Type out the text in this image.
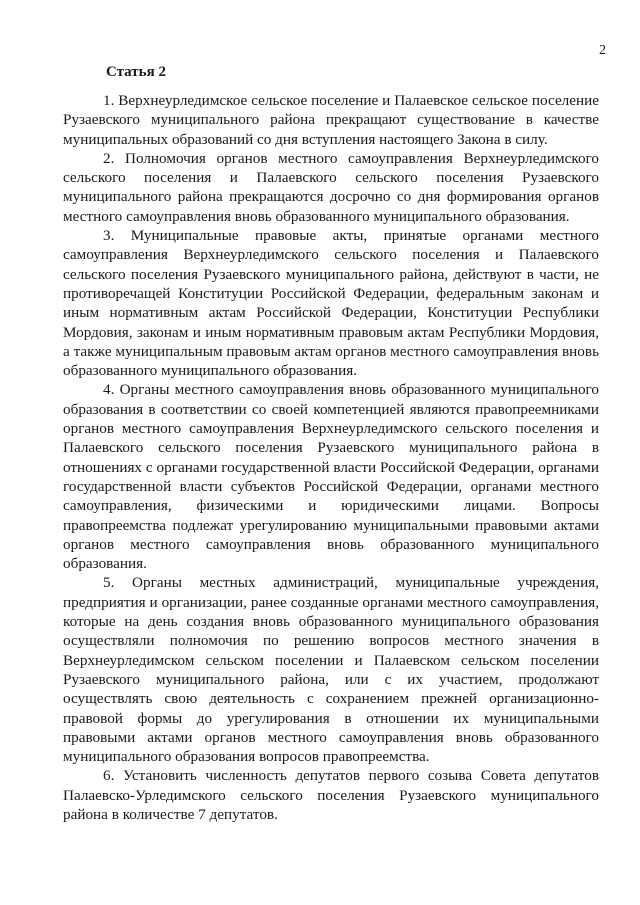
2
Статья 2

1. Верхнеурледимское сельское поселение и Палаевское сельское поселение Рузаевского муниципального района прекращают существование в качестве муниципальных образований со дня вступления настоящего Закона в силу.

2. Полномочия органов местного самоуправления Верхнеурледимского сельского поселения и Палаевского сельского поселения Рузаевского муниципального района прекращаются досрочно со дня формирования органов местного самоуправления вновь образованного муниципального образования.

3. Муниципальные правовые акты, принятые органами местного самоуправления Верхнеурледимского сельского поселения и Палаевского сельского поселения Рузаевского муниципального района, действуют в части, не противоречащей Конституции Российской Федерации, федеральным законам и иным нормативным актам Российской Федерации, Конституции Республики Мордовия, законам и иным нормативным правовым актам Республики Мордовия, а также муниципальным правовым актам органов местного самоуправления вновь образованного муниципального образования.

4. Органы местного самоуправления вновь образованного муниципального образования в соответствии со своей компетенцией являются правопреемниками органов местного самоуправления Верхнеурледимского сельского поселения и Палаевского сельского поселения Рузаевского муниципального района в отношениях с органами государственной власти Российской Федерации, органами государственной власти субъектов Российской Федерации, органами местного самоуправления, физическими и юридическими лицами. Вопросы правопреемства подлежат урегулированию муниципальными правовыми актами органов местного самоуправления вновь образованного муниципального образования.

5. Органы местных администраций, муниципальные учреждения, предприятия и организации, ранее созданные органами местного самоуправления, которые на день создания вновь образованного муниципального образования осуществляли полномочия по решению вопросов местного значения в Верхнеурледимском сельском поселении и Палаевском сельском поселении Рузаевского муниципального района, или с их участием, продолжают осуществлять свою деятельность с сохранением прежней организационно-правовой формы до урегулирования в отношении их муниципальными правовыми актами органов местного самоуправления вновь образованного муниципального образования вопросов правопреемства.

6. Установить численность депутатов первого созыва Совета депутатов Палаевско-Урледимского сельского поселения Рузаевского муниципального района в количестве 7 депутатов.
